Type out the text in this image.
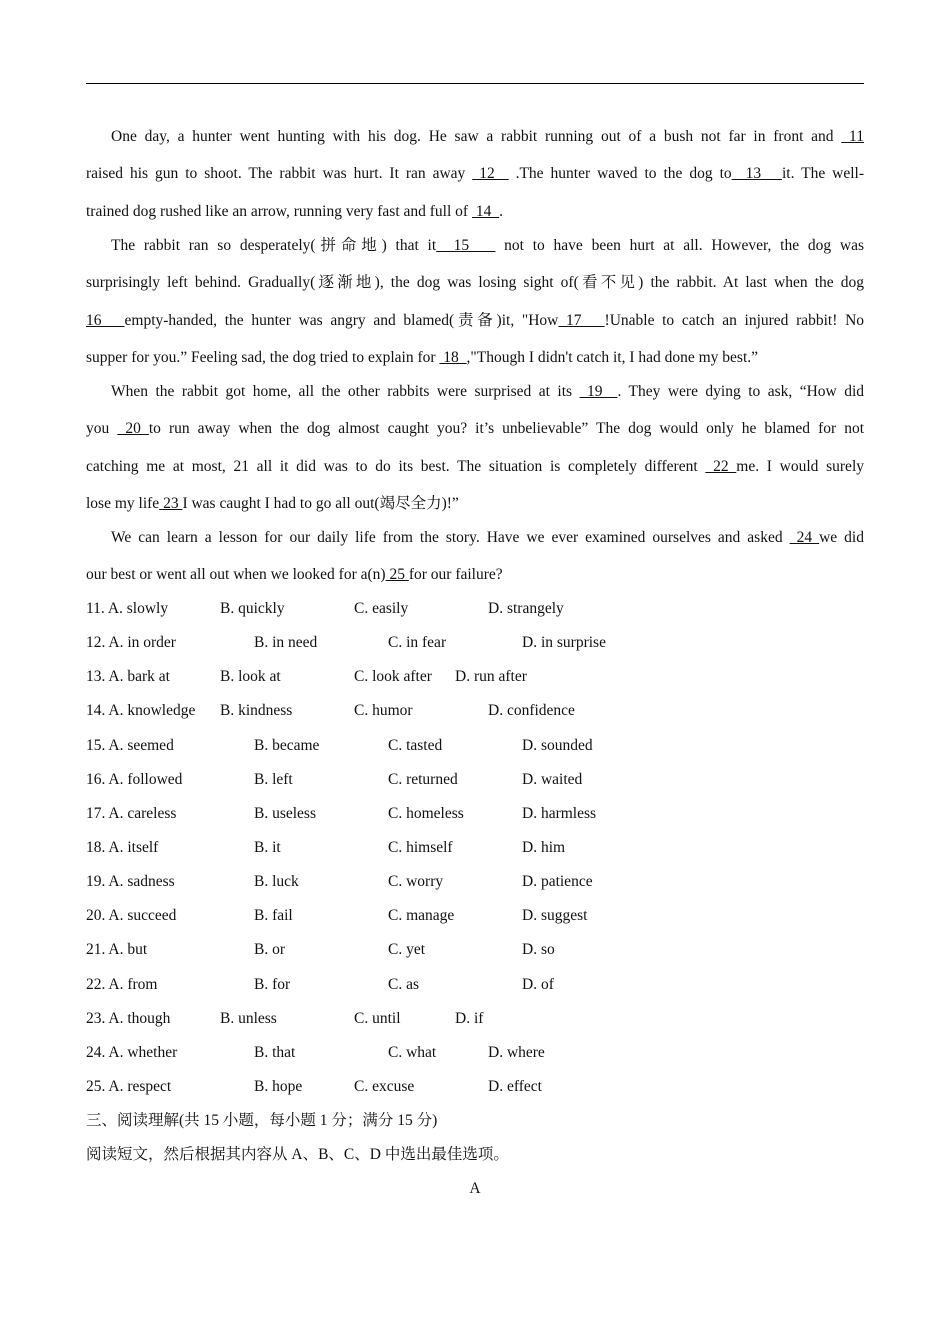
One day, a hunter went hunting with his dog. He saw a rabbit running out of a bush not far in front and  11
raised his gun to shoot. The rabbit was hurt. It ran away  12   .The hunter waved to the dog to  13   it. The well-
trained dog rushed like an arrow, running very fast and full of  14  .
The rabbit ran so desperately(拼命地) that it  15    not to have been hurt at all. However, the dog was
surprisingly left behind. Gradually(逐渐地), the dog was losing sight of(看不见) the rabbit. At last when the dog
16   empty-handed, the hunter was angry and blamed(责备)it, "How 17   !Unable to catch an injured rabbit! No
supper for you.” Feeling sad, the dog tried to explain for  18  ,"Though I didn't catch it, I had done my best.”
When the rabbit got home, all the other rabbits were surprised at its  19  . They were dying to ask, “How did
you  20 to run away when the dog almost caught you? it’s unbelievable” The dog would only he blamed for not
catching me at most, 21 all it did was to do its best. The situation is completely different  22 me. I would surely
lose my life 23 I was caught I had to go all out(竭尽全力)!”
We can learn a lesson for our daily life from the story. Have we ever examined ourselves and asked  24 we did
our best or went all out when we looked for a(n) 25 for our failure?
11. A. slowly	B. quickly	C. easily	D. strangely
12. A. in order	B. in need	C. in fear	D. in surprise
13. A. bark at	B. look at	C. look after D. run after
14. A. knowledge B. kindness	C. humor	D. confidence
15. A. seemed	B. became	C. tasted	D. sounded
16. A. followed	B. left	C. returned	D. waited
17. A. careless	B. useless	C. homeless	D. harmless
18. A. itself	B. it	C. himself	D. him
19. A. sadness	B. luck	C. worry	D. patience
20. A. succeed	B. fail	C. manage	D. suggest
21. A. but	B. or	C. yet	D. so
22. A. from	B. for	C. as	D. of
23. A. though	B. unless	C. until	D. if
24. A. whether	B. that	C. what	D. where
25. A. respect	B. hope	C. excuse	D. effect
三、阅读理解(共 15 小题，每小题 1 分；满分 15 分)
阅读短文，然后根据其内容从 A、B、C、D 中选出最佳选项。
A
